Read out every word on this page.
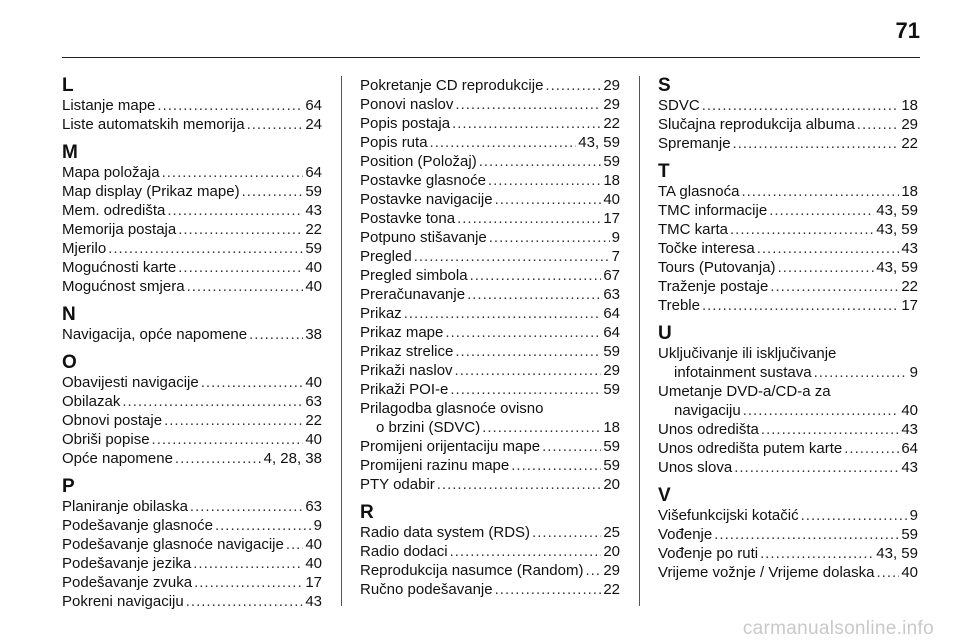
71
L
Listanje mape .....	64
Liste automatskih memorija .....	24
M
Mapa položaja .....	64
Map display (Prikaz mape) .....	59
Mem. odredišta .....	43
Memorija postaja .....	22
Mjerilo .....	59
Mogućnosti karte .....	40
Mogućnost smjera .....	40
N
Navigacija, opće napomene .....	38
O
Obavijesti navigacije .....	40
Obilazak .....	63
Obnovi postaje .....	22
Obriši popise .....	40
Opće napomene .....	4, 28, 38
P
Planiranje obilaska .....	63
Podešavanje glasnoće .....	9
Podešavanje glasnoće navigacije ..... 40
Podešavanje jezika .....	40
Podešavanje zvuka .....	17
Pokreni navigaciju .....	43
Pokretanje CD reprodukcije .....	29
Ponovi naslov .....	29
Popis postaja .....	22
Popis ruta .....	43, 59
Position (Položaj) .....	59
Postavke glasnoće .....	18
Postavke navigacije .....	40
Postavke tona .....	17
Potpuno stišavanje .....	9
Pregled .....	7
Pregled simbola .....	67
Preračunavanje .....	63
Prikaz .....	64
Prikaz mape .....	64
Prikaz strelice .....	59
Prikaži naslov .....	29
Prikaži POI-e .....	59
Prilagodba glasnoće ovisno
o brzini (SDVC) .....	18
Promijeni orijentaciju mape .....	59
Promijeni razinu mape .....	59
PTY odabir .....	20
R
Radio data system (RDS) .....	25
Radio dodaci .....	20
Reprodukcija nasumce (Random) ..... 29
Ručno podešavanje .....	22
S
SDVC .....	18
Slučajna reprodukcija albuma .....	29
Spremanje .....	22
T
TA glasnoća .....	18
TMC informacije .....	43, 59
TMC karta .....	43, 59
Točke interesa .....	43
Tours (Putovanja) .....	43, 59
Traženje postaje .....	22
Treble .....	17
U
Uključivanje ili isključivanje
infotainment sustava .....	9
Umetanje DVD-a/CD-a za
navigaciju .....	40
Unos odredišta .....	43
Unos odredišta putem karte .....	64
Unos slova .....	43
V
Višefunkcijski kotačić .....	9
Vođenje .....	59
Vođenje po ruti .....	43, 59
Vrijeme vožnje / Vrijeme dolaska ..... 40
carmanualsonline.info
